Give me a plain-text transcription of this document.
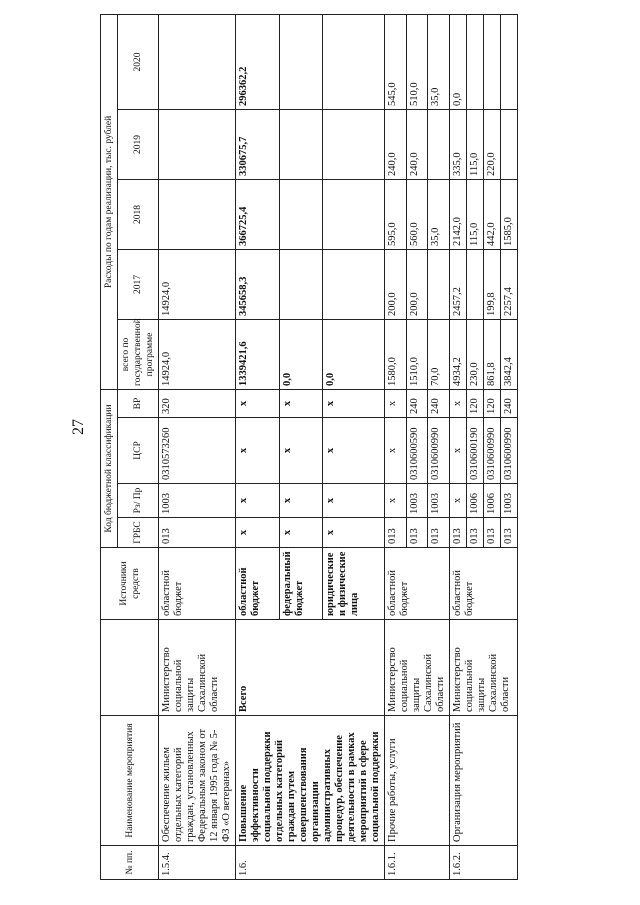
27
№ пп.	Наименование мероприятия		Источники средств	Код бюджетной классификации				Расходы по годам реализации, тыс. рублей				
				ГРБС	Рз/ Пр	ЦСР	ВР	всего по государственной программе	2017	2018	2019	2020
1.5.4.	Обеспечение жильем отдельных категорий граждан, установленных Федеральным законом от 12 января 1995 года № 5-ФЗ «О ветеранах»	Министерство социальной защиты Сахалинской области	областной бюджет	013	1003	0310573260	320	14924,0	14924,0			
1.6.	Повышение эффективности социальной поддержки отдельных категорий граждан путем совершенствования организации административных процедур, обеспечение деятельности в рамках мероприятий в сфере социальной поддержки	Всего	областной бюджет	х	х	х	х	1339421,6	345658,3	366725,4	330675,7	296362,2
			федеральный бюджет	х	х	х	х	0,0				
			юридические и физические лица	х	х	х	х	0,0				
1.6.1.	Прочие работы, услуги	Министерство социальной защиты Сахалинской области	областной бюджет	013	х	х	х	1580,0	200,0	595,0	240,0	545,0
				013	1003	0310600590	240	1510,0	200,0	560,0	240,0	510,0
				013	1003	0310600990	240	70,0		35,0		35,0
1.6.2.	Организация мероприятий	Министерство социальной защиты Сахалинской области	областной бюджет	013	х	х	х	4934,2	2457,2	2142,0	335,0	0,0
				013	1006	0310600190	120	230,0		115,0	115,0	
				013	1006	0310600990	120	861,8	199,8	442,0	220,0	
				013	1003	0310600990	240	3842,4	2257,4	1585,0		
